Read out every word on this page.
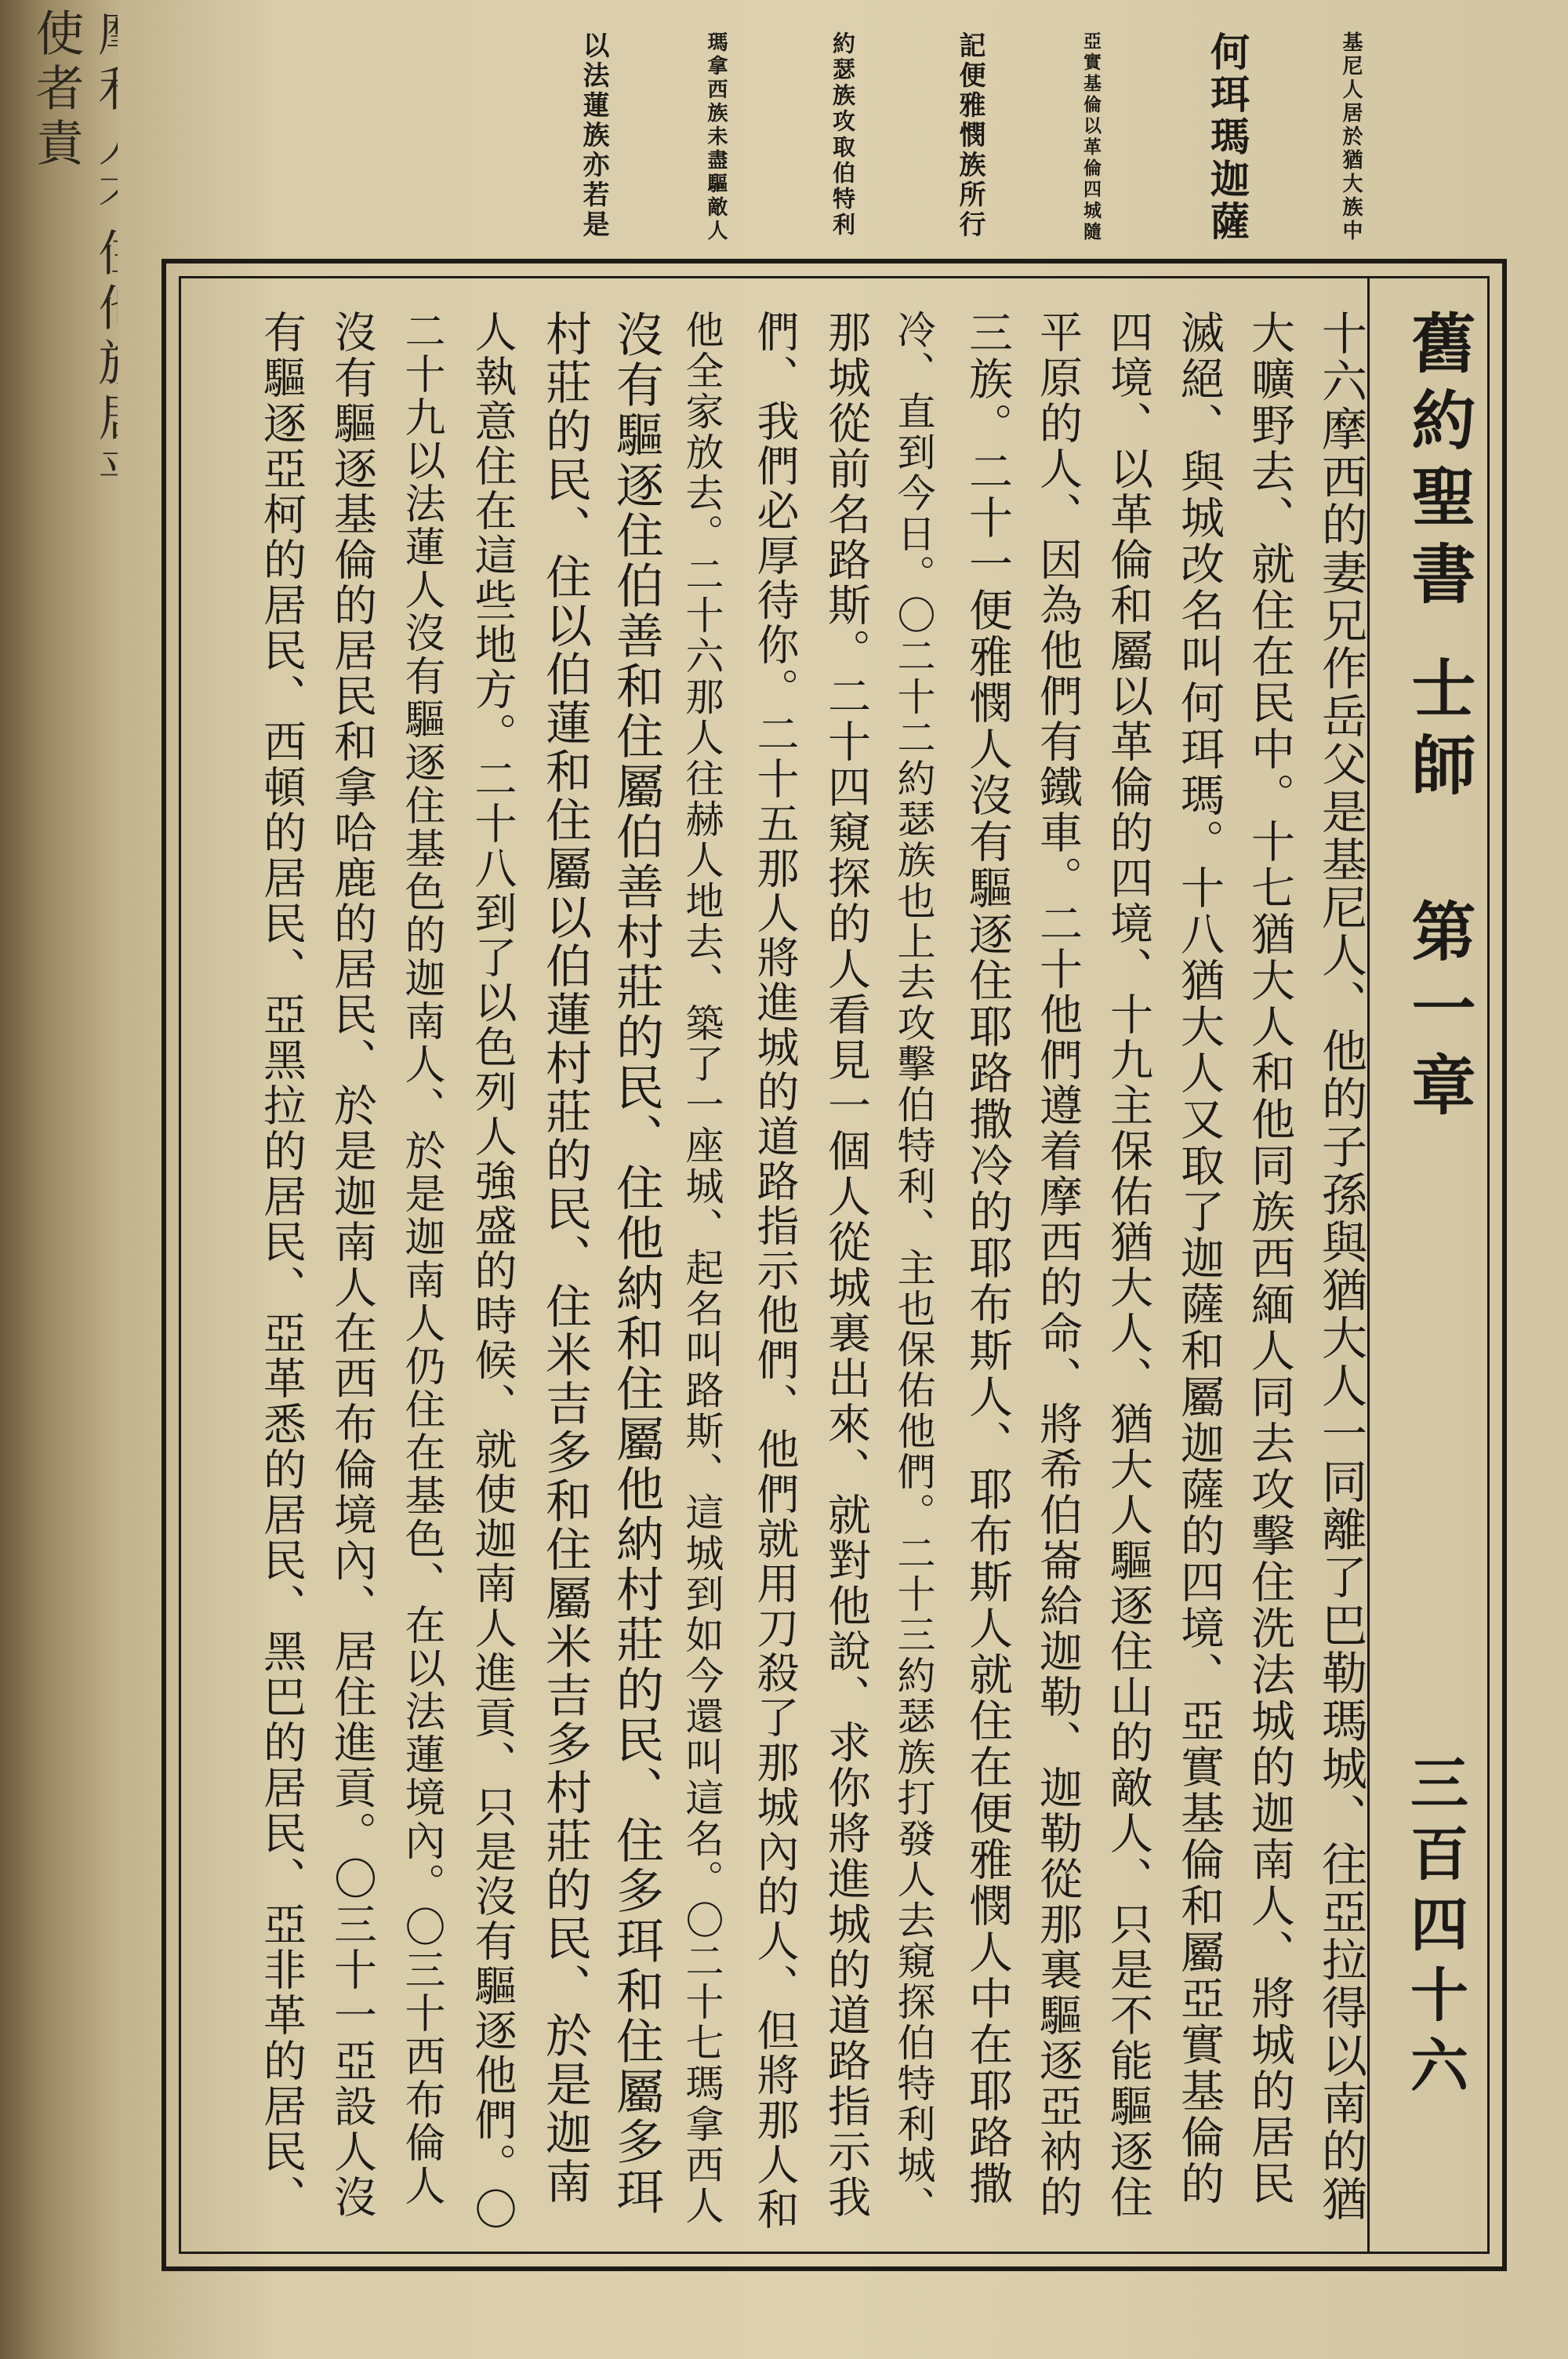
使者責	基尼人居於猶大族中
何珥瑪迦薩
亞實基倫以革倫四城隨
記便雅憫族所行
約瑟族攻取伯特利
瑪拿西族未盡驅敵人
以法蓮族亦若是
舊約聖書
士師
第一章
三百四十六
十六摩西的妻兄作岳父是基尼人、他的子孫與猶大人一同離了巴勒瑪城、往亞拉得以南的猶
大曠野去、就住在民中。十七猶大人和他同族西緬人同去攻擊住洗法城的迦南人、將城的居民
滅絕、與城改名叫何珥瑪。十八猶大人又取了迦薩和屬迦薩的四境、亞實基倫和屬亞實基倫的
四境、以革倫和屬以革倫的四境、十九主保佑猶大人、猶大人驅逐住山的敵人、只是不能驅逐住
平原的人、因為他們有鐵車。二十他們遵着摩西的命、將希伯崙給迦勒、迦勒從那裏驅逐亞衲的
三族。二十一便雅憫人沒有驅逐住耶路撒冷的耶布斯人、耶布斯人就住在便雅憫人中在耶路撒
冷、直到今日。〇二十二約瑟族也上去攻擊伯特利、主也保佑他們。二十三約瑟族打發人去窺探伯特利城、
那城從前名路斯。二十四窺探的人看見一個人從城裏出來、就對他說、求你將進城的道路指示我
們、我們必厚待你。二十五那人將進城的道路指示他們、他們就用刀殺了那城內的人、但將那人和
他全家放去。二十六那人往赫人地去、築了一座城、起名叫路斯、這城到如今還叫這名。〇二十七瑪拿西人
沒有驅逐住伯善和住屬伯善村莊的民、住他納和住屬他納村莊的民、住多珥和住屬多珥
村莊的民、住以伯蓮和住屬以伯蓮村莊的民、住米吉多和住屬米吉多村莊的民、於是迦南
人執意住在這些地方。二十八到了以色列人強盛的時候、就使迦南人進貢、只是沒有驅逐他們。〇
二十九以法蓮人沒有驅逐住基色的迦南人、於是迦南人仍住在基色、在以法蓮境內。〇三十西布倫人
沒有驅逐基倫的居民和拿哈鹿的居民、於是迦南人在西布倫境內、居住進貢。〇三十一亞設人沒
有驅逐亞柯的居民、西頓的居民、亞黑拉的居民、亞革悉的居民、黑巴的居民、亞非革的居民、
